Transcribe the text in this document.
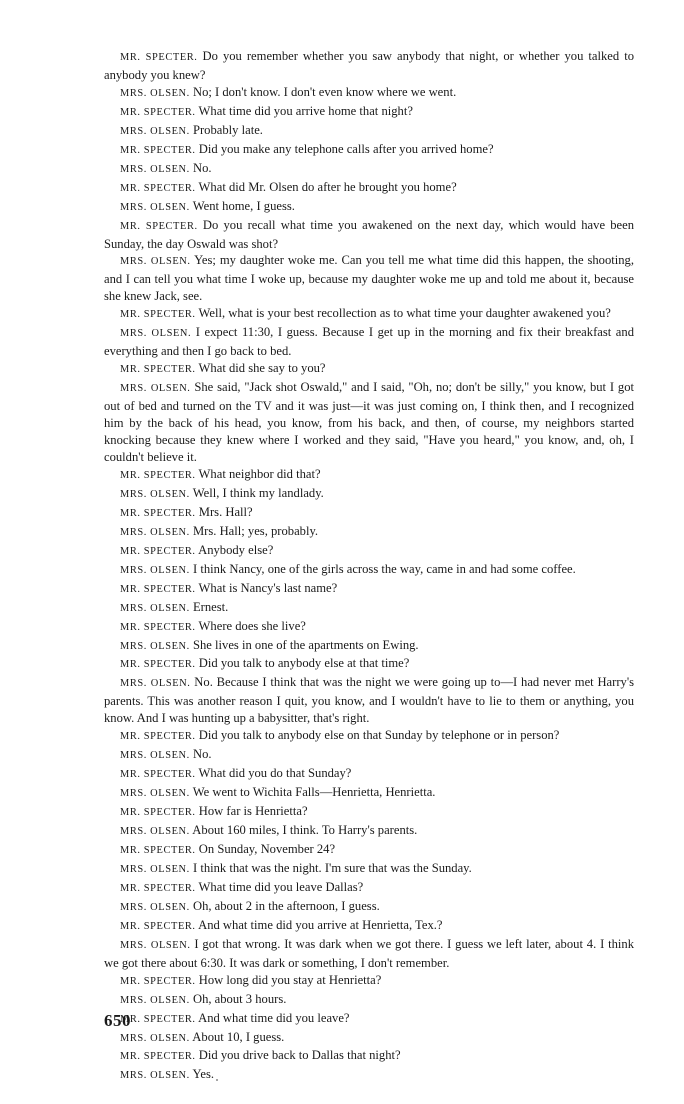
MR. SPECTER. Do you remember whether you saw anybody that night, or whether you talked to anybody you knew?

MRS. OLSEN. No; I don't know. I don't even know where we went.

MR. SPECTER. What time did you arrive home that night?

MRS. OLSEN. Probably late.

MR. SPECTER. Did you make any telephone calls after you arrived home?

MRS. OLSEN. No.

MR. SPECTER. What did Mr. Olsen do after he brought you home?

MRS. OLSEN. Went home, I guess.

MR. SPECTER. Do you recall what time you awakened on the next day, which would have been Sunday, the day Oswald was shot?

MRS. OLSEN. Yes; my daughter woke me. Can you tell me what time did this happen, the shooting, and I can tell you what time I woke up, because my daughter woke me up and told me about it, because she knew Jack, see.

MR. SPECTER. Well, what is your best recollection as to what time your daughter awakened you?

MRS. OLSEN. I expect 11:30, I guess. Because I get up in the morning and fix their breakfast and everything and then I go back to bed.

MR. SPECTER. What did she say to you?

MRS. OLSEN. She said, "Jack shot Oswald," and I said, "Oh, no; don't be silly," you know, but I got out of bed and turned on the TV and it was just—it was just coming on, I think then, and I recognized him by the back of his head, you know, from his back, and then, of course, my neighbors started knocking because they knew where I worked and they said, "Have you heard," you know, and, oh, I couldn't believe it.

MR. SPECTER. What neighbor did that?

MRS. OLSEN. Well, I think my landlady.

MR. SPECTER. Mrs. Hall?

MRS. OLSEN. Mrs. Hall; yes, probably.

MR. SPECTER. Anybody else?

MRS. OLSEN. I think Nancy, one of the girls across the way, came in and had some coffee.

MR. SPECTER. What is Nancy's last name?

MRS. OLSEN. Ernest.

MR. SPECTER. Where does she live?

MRS. OLSEN. She lives in one of the apartments on Ewing.

MR. SPECTER. Did you talk to anybody else at that time?

MRS. OLSEN. No. Because I think that was the night we were going up to—I had never met Harry's parents. This was another reason I quit, you know, and I wouldn't have to lie to them or anything, you know. And I was hunting up a babysitter, that's right.

MR. SPECTER. Did you talk to anybody else on that Sunday by telephone or in person?

MRS. OLSEN. No.

MR. SPECTER. What did you do that Sunday?

MRS. OLSEN. We went to Wichita Falls—Henrietta, Henrietta.

MR. SPECTER. How far is Henrietta?

MRS. OLSEN. About 160 miles, I think. To Harry's parents.

MR. SPECTER. On Sunday, November 24?

MRS. OLSEN. I think that was the night. I'm sure that was the Sunday.

MR. SPECTER. What time did you leave Dallas?

MRS. OLSEN. Oh, about 2 in the afternoon, I guess.

MR. SPECTER. And what time did you arrive at Henrietta, Tex.?

MRS. OLSEN. I got that wrong. It was dark when we got there. I guess we left later, about 4. I think we got there about 6:30. It was dark or something, I don't remember.

MR. SPECTER. How long did you stay at Henrietta?

MRS. OLSEN. Oh, about 3 hours.

MR. SPECTER. And what time did you leave?

MRS. OLSEN. About 10, I guess.

MR. SPECTER. Did you drive back to Dallas that night?

MRS. OLSEN. Yes.

650
